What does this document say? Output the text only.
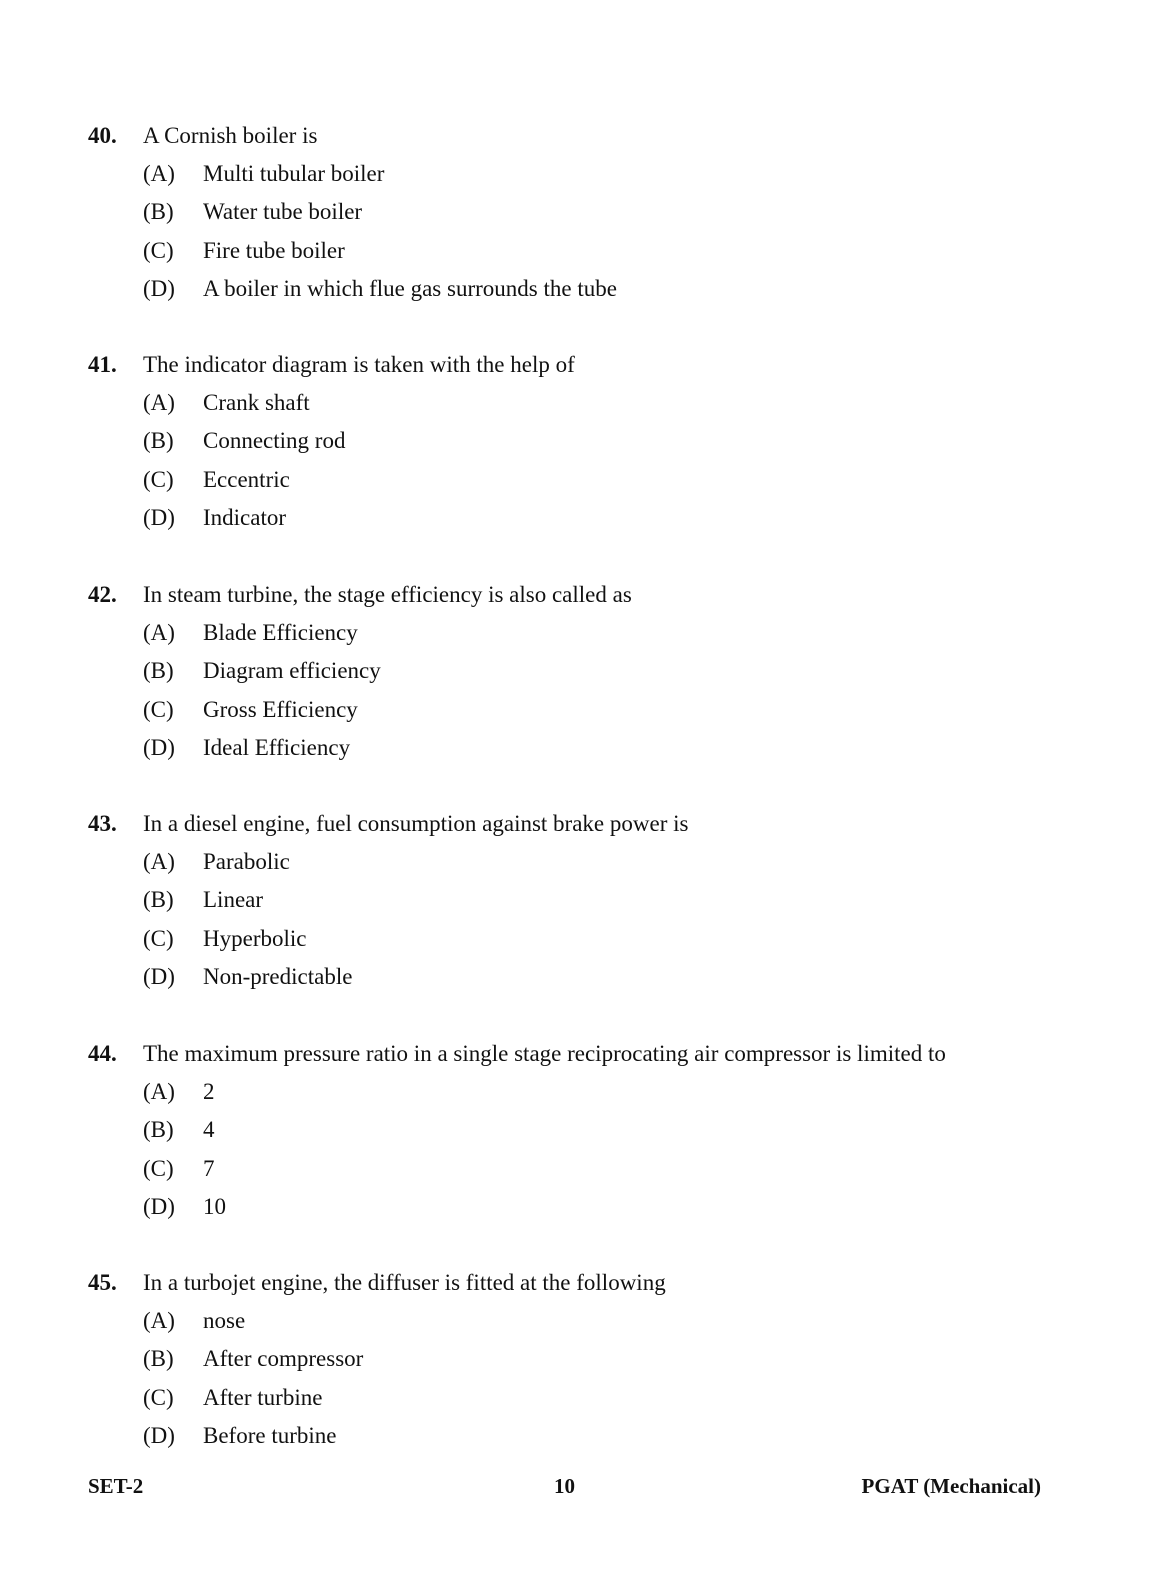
40. A Cornish boiler is
(A) Multi tubular boiler
(B) Water tube boiler
(C) Fire tube boiler
(D) A boiler in which flue gas surrounds the tube
41. The indicator diagram is taken with the help of
(A) Crank shaft
(B) Connecting rod
(C) Eccentric
(D) Indicator
42. In steam turbine, the stage efficiency is also called as
(A) Blade Efficiency
(B) Diagram efficiency
(C) Gross Efficiency
(D) Ideal Efficiency
43. In a diesel engine, fuel consumption against brake power is
(A) Parabolic
(B) Linear
(C) Hyperbolic
(D) Non-predictable
44. The maximum pressure ratio in a single stage reciprocating air compressor is limited to
(A) 2
(B) 4
(C) 7
(D) 10
45. In a turbojet engine, the diffuser is fitted at the following
(A) nose
(B) After compressor
(C) After turbine
(D) Before turbine
SET-2	10	PGAT (Mechanical)
